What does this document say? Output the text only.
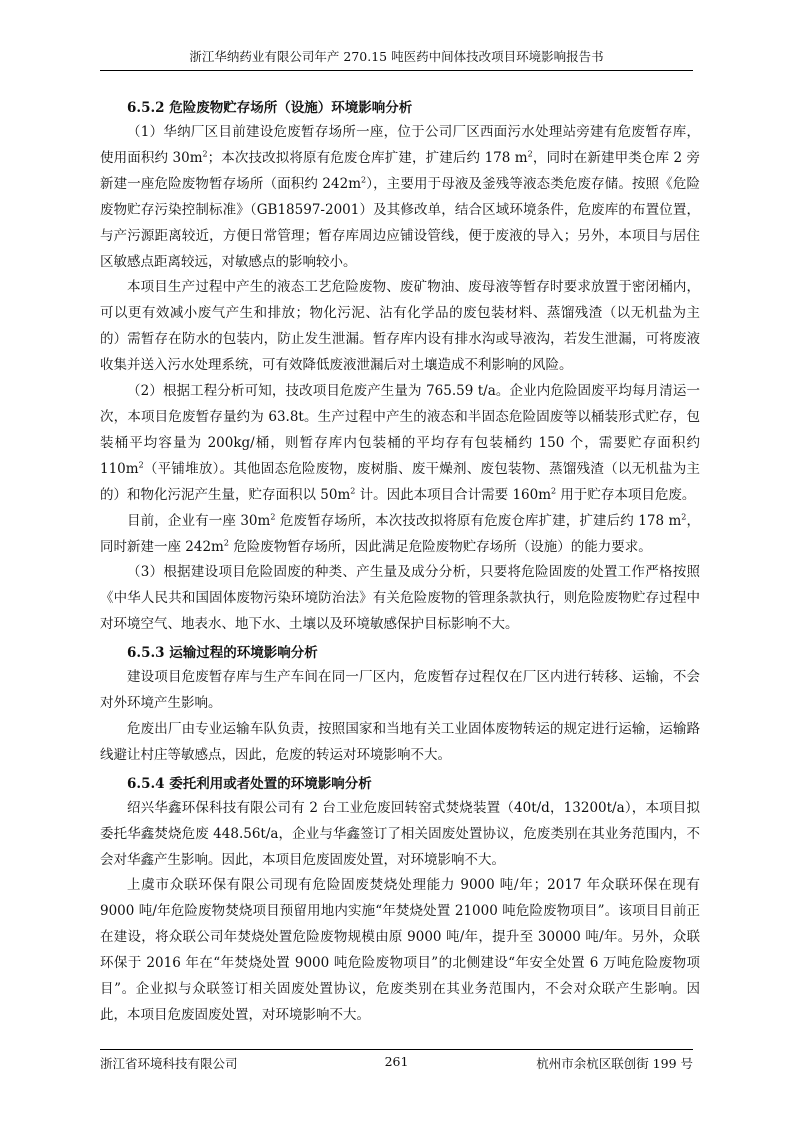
浙江华纳药业有限公司年产 270.15 吨医药中间体技改项目环境影响报告书
6.5.2 危险废物贮存场所（设施）环境影响分析

（1）华纳厂区目前建设危废暂存场所一座，位于公司厂区西面污水处理站旁建有危废暂存库，使用面积约 $30m^2$；本次技改拟将原有危废仓库扩建，扩建后约 178 $m^2$，同时在新建甲类仓库 2 旁新建一座危险废物暂存场所（面积约 $242m^2$），主要用于母液及釜残等液态类危废存储。按照《危险废物贮存污染控制标准》（GB18597-2001）及其修改单，结合区域环境条件，危废库的布置位置，与产污源距离较近，方便日常管理；暂存库周边应铺设管线，便于废液的导入；另外，本项目与居住区敏感点距离较远，对敏感点的影响较小。

本项目生产过程中产生的液态工艺危险废物、废矿物油、废母液等暂存时要求放置于密闭桶内，可以更有效减小废气产生和排放；物化污泥、沾有化学品的废包装材料、蒸馏残渣（以无机盐为主的）需暂存在防水的包装内，防止发生泄漏。暂存库内设有排水沟或导液沟，若发生泄漏，可将废液收集并送入污水处理系统，可有效降低废液泄漏后对土壤造成不利影响的风险。

（2）根据工程分析可知，技改项目危废产生量为 765.59 t/a。企业内危险固废平均每月清运一次，本项目危废暂存量约为 63.8t。生产过程中产生的液态和半固态危险固废等以桶装形式贮存，包装桶平均容量为 200kg/桶，则暂存库内包装桶的平均存有包装桶约 150 个，需要贮存面积约 $110m^2$（平铺堆放）。其他固态危险废物，废树脂、废干燥剂、废包装物、蒸馏残渣（以无机盐为主的）和物化污泥产生量，贮存面积以 $50m^2$ 计。因此本项目合计需要 $160m^2$ 用于贮存本项目危废。

目前，企业有一座 $30m^2$ 危废暂存场所，本次技改拟将原有危废仓库扩建，扩建后约 178 $m^2$，同时新建一座 $242m^2$ 危险废物暂存场所，因此满足危险废物贮存场所（设施）的能力要求。

（3）根据建设项目危险固废的种类、产生量及成分分析，只要将危险固废的处置工作严格按照《中华人民共和国固体废物污染环境防治法》有关危险废物的管理条款执行，则危险废物贮存过程中对环境空气、地表水、地下水、土壤以及环境敏感保护目标影响不大。

6.5.3 运输过程的环境影响分析

建设项目危废暂存库与生产车间在同一厂区内，危废暂存过程仅在厂区内进行转移、运输，不会对外环境产生影响。

危废出厂由专业运输车队负责，按照国家和当地有关工业固体废物转运的规定进行运输，运输路线避让村庄等敏感点，因此，危废的转运对环境影响不大。

6.5.4 委托利用或者处置的环境影响分析

绍兴华鑫环保科技有限公司有 2 台工业危废回转窑式焚烧装置（40t/d，13200t/a），本项目拟委托华鑫焚烧危废 448.56t/a，企业与华鑫签订了相关固废处置协议，危废类别在其业务范围内，不会对华鑫产生影响。因此，本项目危废固废处置，对环境影响不大。

上虞市众联环保有限公司现有危险固废焚烧处理能力 9000 吨/年；2017 年众联环保在现有 9000 吨/年危险废物焚烧项目预留用地内实施“年焚烧处置 21000 吨危险废物项目”。该项目目前正在建设，将众联公司年焚烧处置危险废物规模由原 9000 吨/年，提升至 30000 吨/年。另外，众联环保于 2016 年在“年焚烧处置 9000 吨危险废物项目”的北侧建设“年安全处置 6 万吨危险废物项目”。企业拟与众联签订相关固废处置协议，危废类别在其业务范围内，不会对众联产生影响。因此，本项目危废固废处置，对环境影响不大。

浙江省环境科技有限公司	261	杭州市余杭区联创街 199 号
